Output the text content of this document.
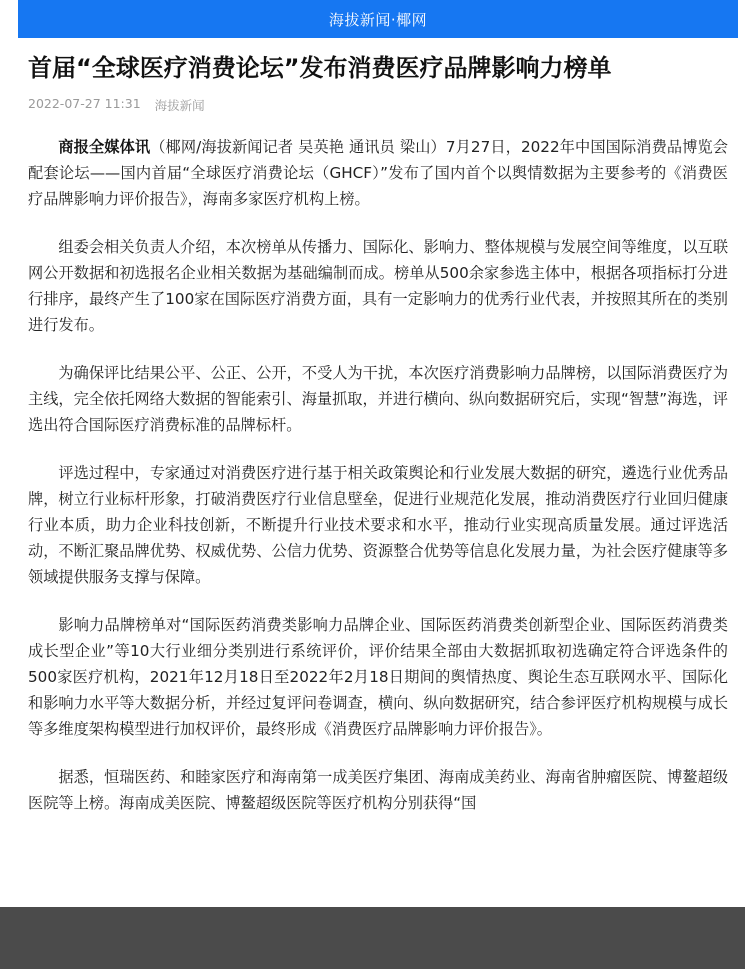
海拔新闻·椰网
首届“全球医疗消费论坛”发布消费医疗品牌影响力榜单
2022-07-27 11:31 海拔新闻

商报全媒体讯（椰网/海拔新闻记者 吴英艳 通讯员 梁山）7月27日，2022年中国国际消费品博览会配套论坛——国内首届“全球医疗消费论坛（GHCF）”发布了国内首个以舆情数据为主要参考的《消费医疗品牌影响力评价报告》，海南多家医疗机构上榜。

组委会相关负责人介绍，本次榜单从传播力、国际化、影响力、整体规模与发展空间等维度，以互联网公开数据和初选报名企业相关数据为基础编制而成。榜单从500余家参选主体中，根据各项指标打分进行排序，最终产生了100家在国际医疗消费方面，具有一定影响力的优秀行业代表，并按照其所在的类别进行发布。

为确保评比结果公平、公正、公开，不受人为干扰，本次医疗消费影响力品牌榜，以国际消费医疗为主线，完全依托网络大数据的智能索引、海量抓取，并进行横向、纵向数据研究后，实现“智慧”海选，评选出符合国际医疗消费标准的品牌标杆。

评选过程中，专家通过对消费医疗进行基于相关政策舆论和行业发展大数据的研究，遴选行业优秀品牌，树立行业标杆形象，打破消费医疗行业信息壁垒，促进行业规范化发展，推动消费医疗行业回归健康行业本质，助力企业科技创新，不断提升行业技术要求和水平，推动行业实现高质量发展。通过评选活动，不断汇聚品牌优势、权威优势、公信力优势、资源整合优势等信息化发展力量，为社会医疗健康等多领域提供服务支撑与保障。

影响力品牌榜单对“国际医药消费类影响力品牌企业、国际医药消费类创新型企业、国际医药消费类成长型企业”等10大行业细分类别进行系统评价，评价结果全部由大数据抓取初选确定符合评选条件的500家医疗机构，2021年12月18日至2022年2月18日期间的舆情热度、舆论生态互联网水平、国际化和影响力水平等大数据分析，并经过复评问卷调查，横向、纵向数据研究，结合参评医疗机构规模与成长等多维度架构模型进行加权评价，最终形成《消费医疗品牌影响力评价报告》。

据悉，恒瑞医药、和睦家医疗和海南第一成美医疗集团、海南成美药业、海南省肿瘤医院、博鳌超级医院等上榜。海南成美医院、博鳌超级医院等医疗机构分别获得“国
